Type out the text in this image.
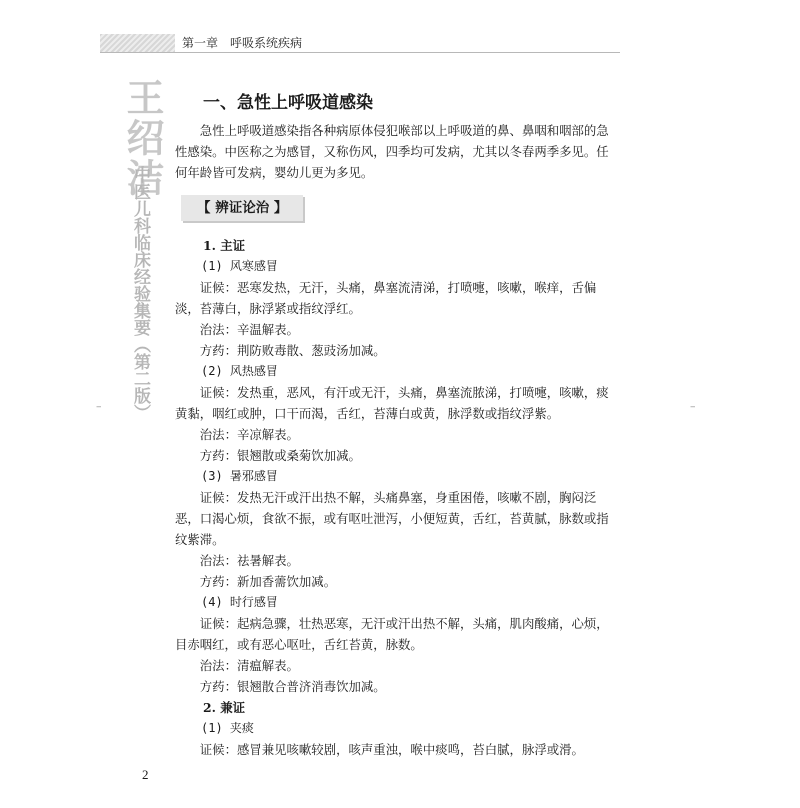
第一章　呼吸系统疾病
王绍洁
中医儿科临床经验集要（第二版）
–	–
一、急性上呼吸道感染

急性上呼吸道感染指各种病原体侵犯喉部以上呼吸道的鼻、鼻咽和咽部的急性感染。中医称之为感冒，又称伤风，四季均可发病，尤其以冬春两季多见。任何年龄皆可发病，婴幼儿更为多见。

【 辨证论治 】

1. 主证

(1) 风寒感冒

证候：恶寒发热，无汗，头痛，鼻塞流清涕，打喷嚏，咳嗽，喉痒，舌偏淡，苔薄白，脉浮紧或指纹浮红。

治法：辛温解表。

方药：荆防败毒散、葱豉汤加减。

(2) 风热感冒

证候：发热重，恶风，有汗或无汗，头痛，鼻塞流脓涕，打喷嚏，咳嗽，痰黄黏，咽红或肿，口干而渴，舌红，苔薄白或黄，脉浮数或指纹浮紫。

治法：辛凉解表。

方药：银翘散或桑菊饮加减。

(3) 暑邪感冒

证候：发热无汗或汗出热不解，头痛鼻塞，身重困倦，咳嗽不剧，胸闷泛恶，口渴心烦，食欲不振，或有呕吐泄泻，小便短黄，舌红，苔黄腻，脉数或指纹紫滞。

治法：祛暑解表。

方药：新加香薷饮加减。

(4) 时行感冒

证候：起病急骤，壮热恶寒，无汗或汗出热不解，头痛，肌肉酸痛，心烦，目赤咽红，或有恶心呕吐，舌红苔黄，脉数。

治法：清瘟解表。

方药：银翘散合普济消毒饮加减。

2. 兼证

(1) 夹痰

证候：感冒兼见咳嗽较剧，咳声重浊，喉中痰鸣，苔白腻，脉浮或滑。

2
